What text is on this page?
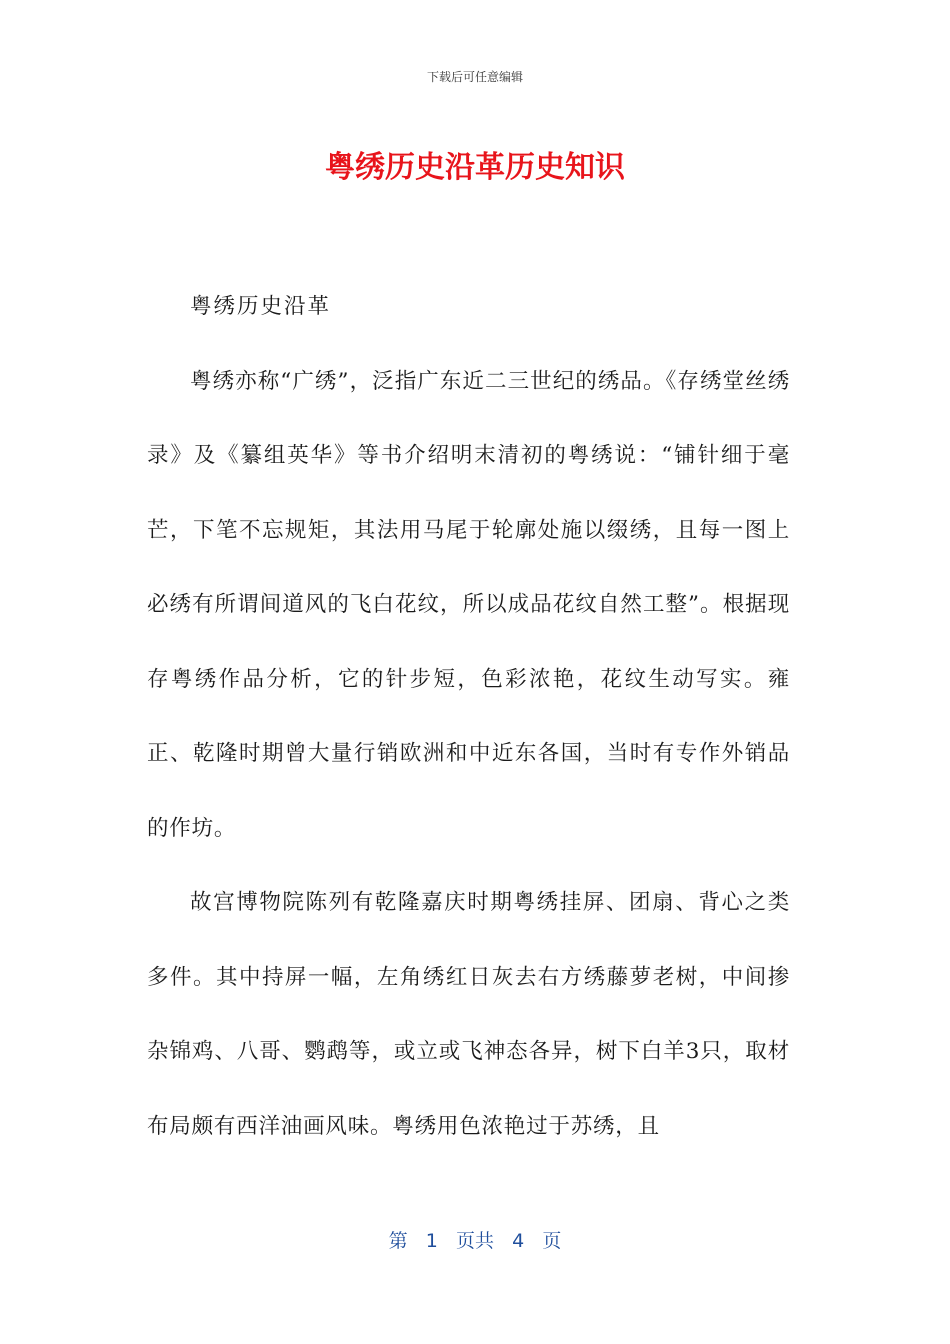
下载后可任意编辑
粤绣历史沿革历史知识

粤绣历史沿革

粤绣亦称“广绣”，泛指广东近二三世纪的绣品。《存绣堂丝绣录》及《纂组英华》等书介绍明末清初的粤绣说：“铺针细于毫芒，下笔不忘规矩，其法用马尾于轮廓处施以缀绣，且每一图上必绣有所谓间道风的飞白花纹，所以成品花纹自然工整”。根据现存粤绣作品分析，它的针步短，色彩浓艳，花纹生动写实。雍正、乾隆时期曾大量行销欧洲和中近东各国，当时有专作外销品的作坊。

故宫博物院陈列有乾隆嘉庆时期粤绣挂屏、团扇、背心之类多件。其中持屏一幅，左角绣红日灰去右方绣藤萝老树，中间掺杂锦鸡、八哥、鹦鹉等，或立或飞神态各异，树下白羊3只，取材布局颇有西洋油画风味。粤绣用色浓艳过于苏绣，且

第 1 页共 4 页
